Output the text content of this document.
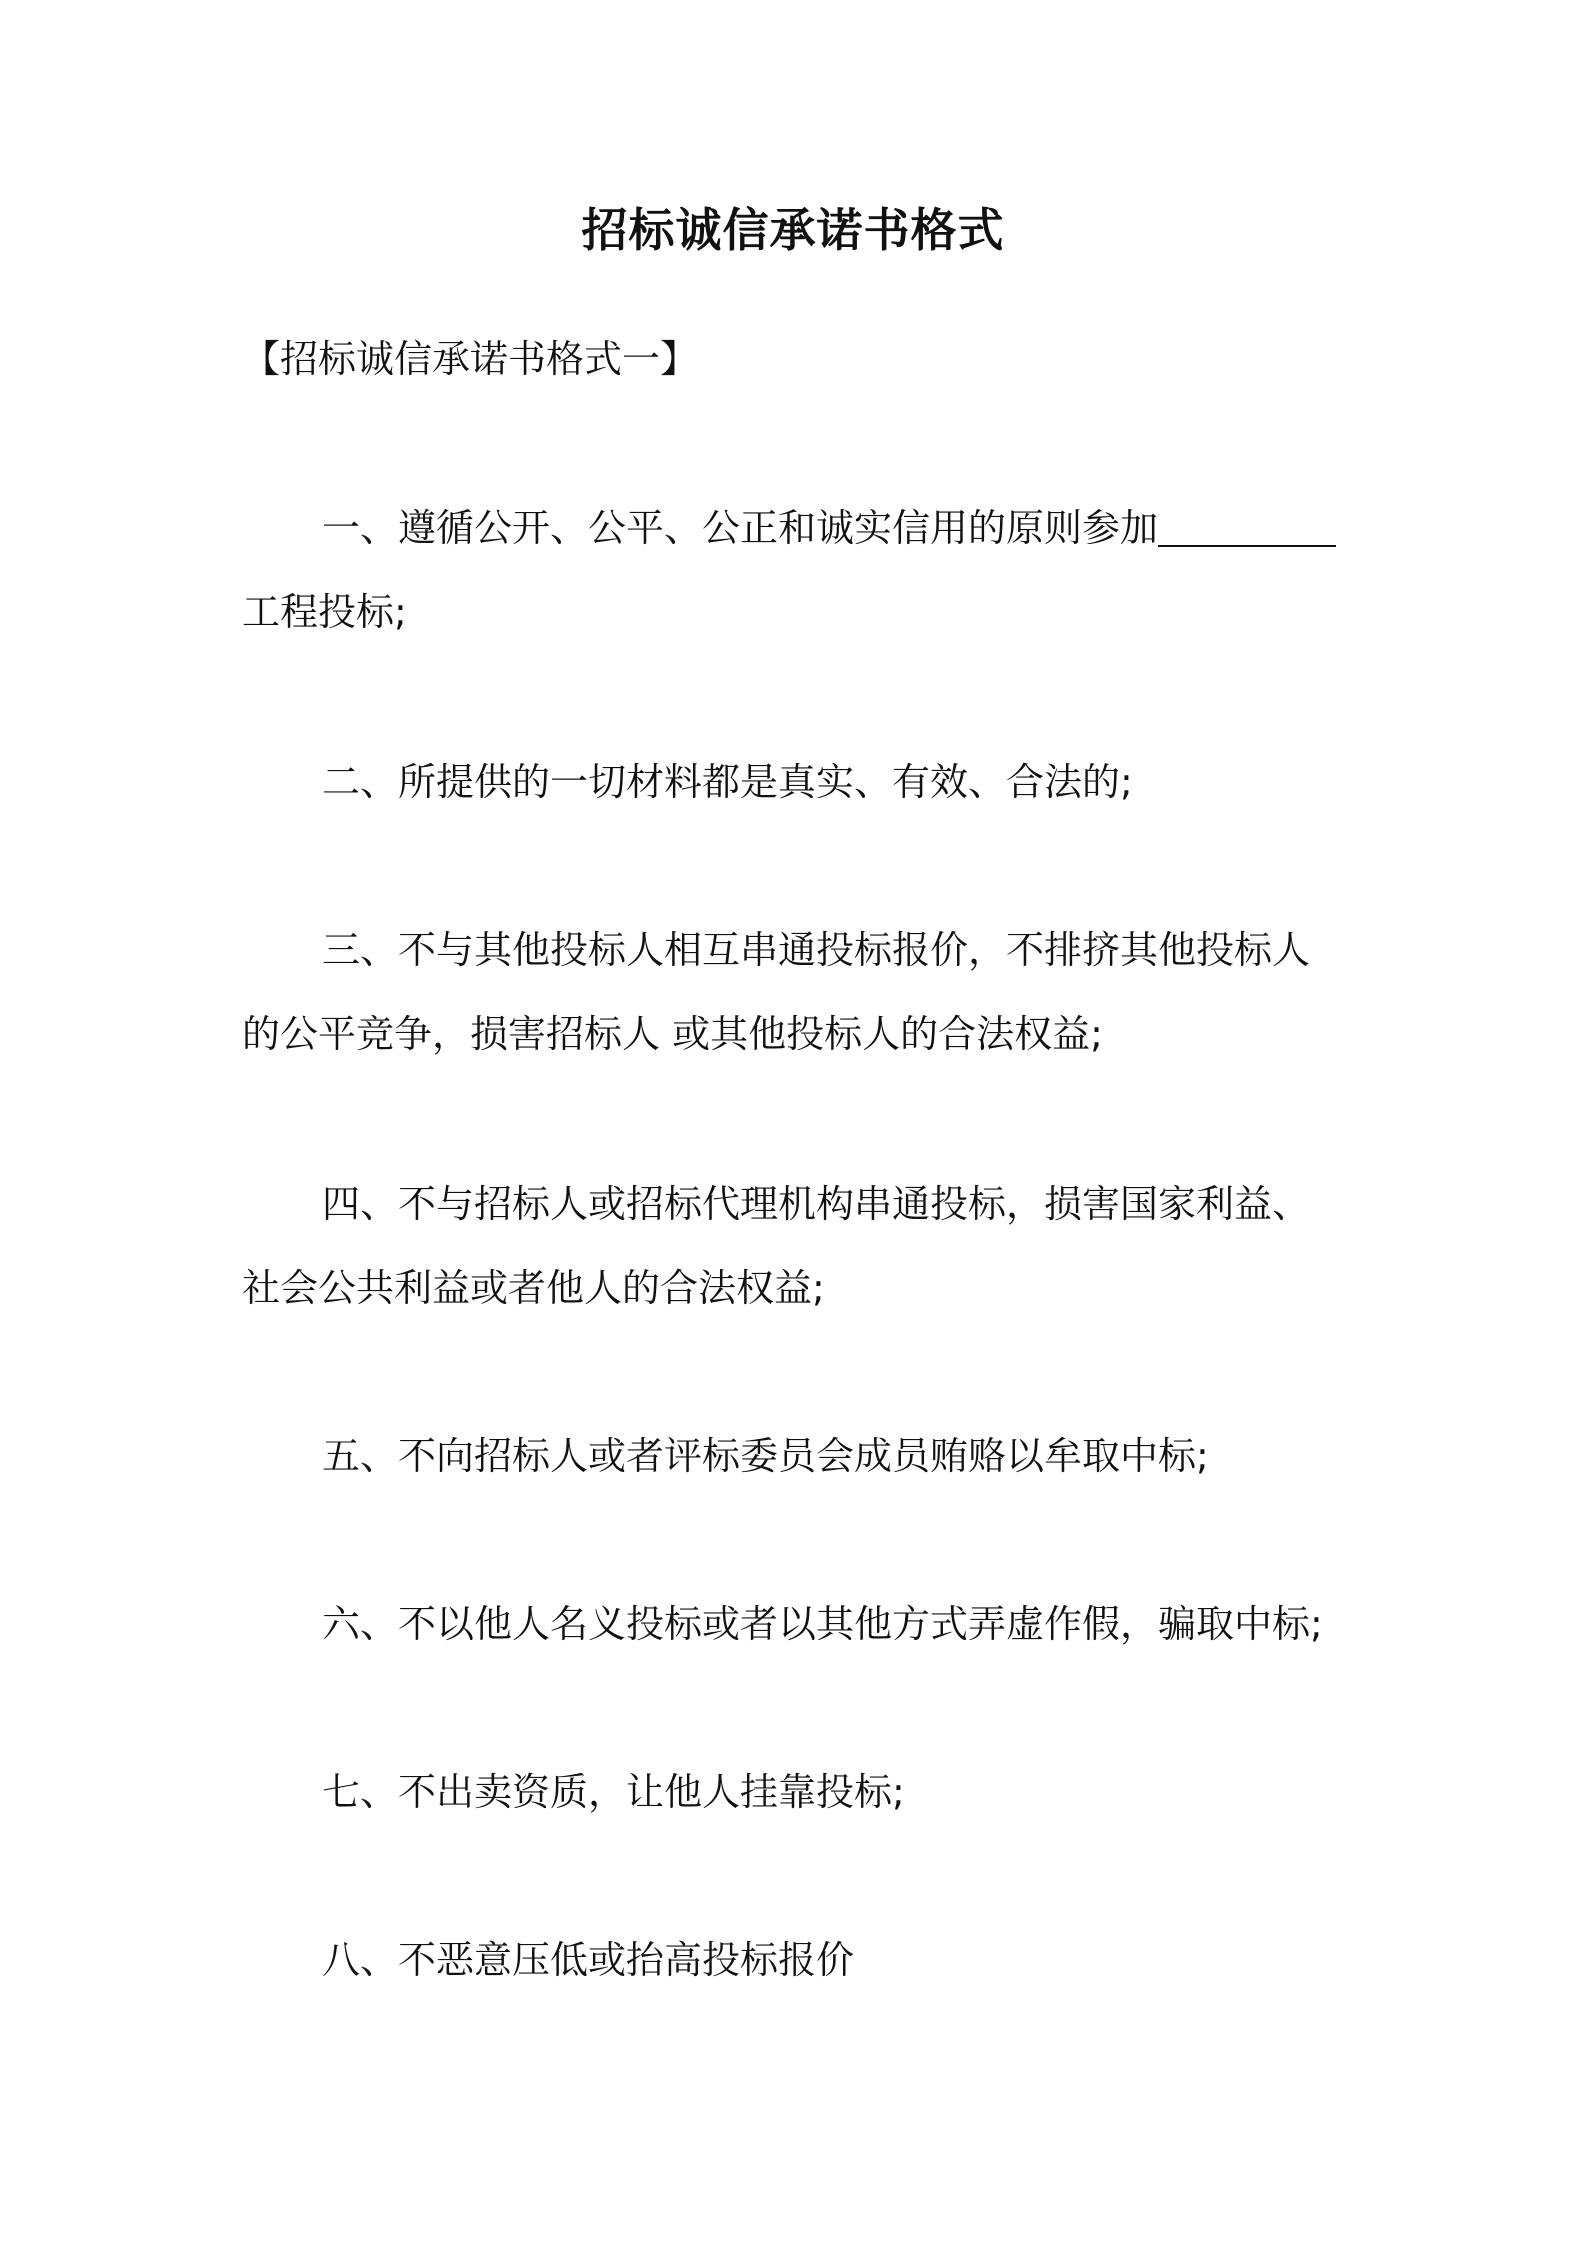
招标诚信承诺书格式
【招标诚信承诺书格式一】
一、遵循公开、公平、公正和诚实信用的原则参加
工程投标;
二、所提供的一切材料都是真实、有效、合法的;
三、不与其他投标人相互串通投标报价，不排挤其他投标人
的公平竞争，损害招标人 或其他投标人的合法权益;
四、不与招标人或招标代理机构串通投标，损害国家利益、
社会公共利益或者他人的合法权益;
五、不向招标人或者评标委员会成员贿赂以牟取中标;
六、不以他人名义投标或者以其他方式弄虚作假，骗取中标;
七、不出卖资质，让他人挂靠投标;
八、不恶意压低或抬高投标报价
